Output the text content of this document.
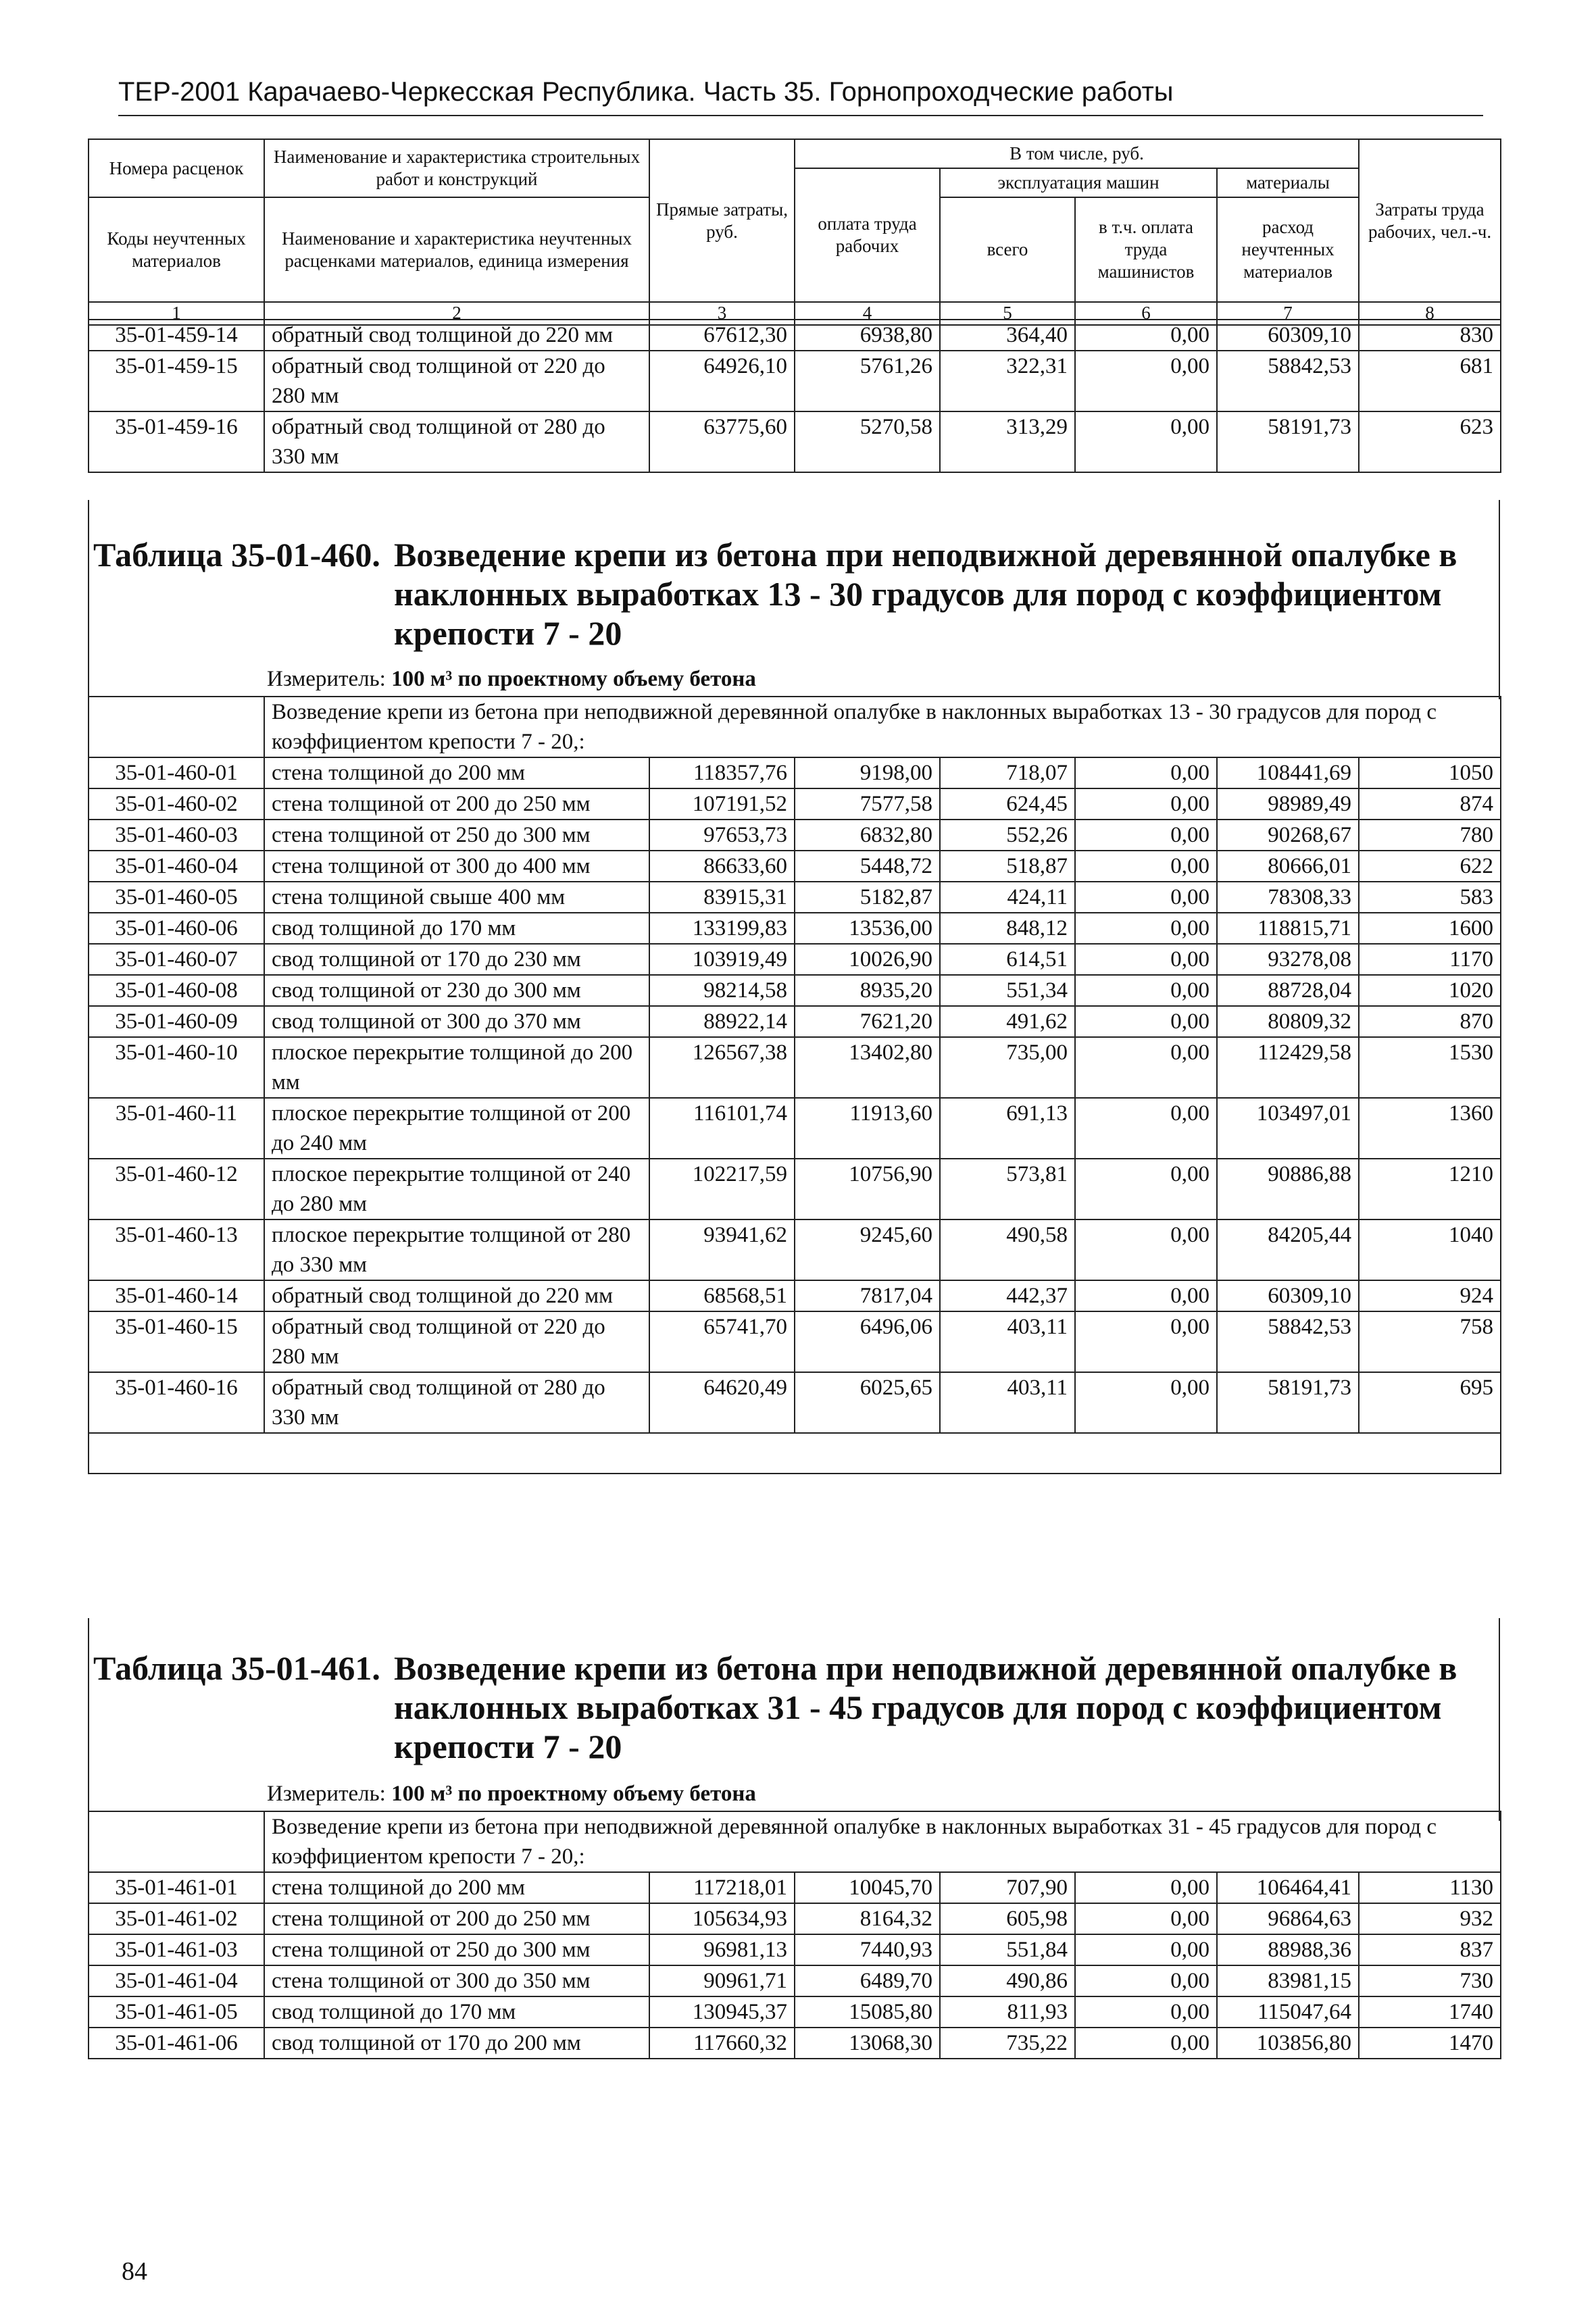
ТЕР-2001 Карачаево-Черкесская Республика. Часть 35. Горнопроходческие работы
Номера расценок	Наименование и характеристика строительных работ и конструкций	Прямые затраты, руб.	В том числе, руб.				Затраты труда рабочих, чел.-ч.
			оплата труда рабочих	эксплуатация машин		материалы	
Коды неучтенных материалов	Наименование и характеристика неучтенных расценками материалов, единица измерения			всего	в т.ч. оплата труда машинистов	расход неучтенных материалов	

1	2	3	4	5	6	7	8
35-01-459-14	обратный свод толщиной до 220 мм	67612,30	6938,80	364,40	0,00	60309,10	830
35-01-459-15	обратный свод толщиной от 220 до 280 мм	64926,10	5761,26	322,31	0,00	58842,53	681
35-01-459-16	обратный свод толщиной от 280 до 330 мм	63775,60	5270,58	313,29	0,00	58191,73	623
Таблица 35-01-460. Возведение крепи из бетона при неподвижной деревянной опалубке в наклонных выработках 13 - 30 градусов для пород с коэффициентом крепости 7 - 20
Измеритель: 100 м³ по проектному объему бетона
	Возведение крепи из бетона при неподвижной деревянной опалубке в наклонных выработках 13 - 30 градусов для пород с коэффициентом крепости 7 - 20,:						
35-01-460-01	стена толщиной до 200 мм	118357,76	9198,00	718,07	0,00	108441,69	1050
35-01-460-02	стена толщиной от 200 до 250 мм	107191,52	7577,58	624,45	0,00	98989,49	874
35-01-460-03	стена толщиной от 250 до 300 мм	97653,73	6832,80	552,26	0,00	90268,67	780
35-01-460-04	стена толщиной от 300 до 400 мм	86633,60	5448,72	518,87	0,00	80666,01	622
35-01-460-05	стена толщиной свыше 400 мм	83915,31	5182,87	424,11	0,00	78308,33	583
35-01-460-06	свод толщиной до 170 мм	133199,83	13536,00	848,12	0,00	118815,71	1600
35-01-460-07	свод толщиной от 170 до 230 мм	103919,49	10026,90	614,51	0,00	93278,08	1170
35-01-460-08	свод толщиной от 230 до 300 мм	98214,58	8935,20	551,34	0,00	88728,04	1020
35-01-460-09	свод толщиной от 300 до 370 мм	88922,14	7621,20	491,62	0,00	80809,32	870
35-01-460-10	плоское перекрытие толщиной до 200 мм	126567,38	13402,80	735,00	0,00	112429,58	1530
35-01-460-11	плоское перекрытие толщиной от 200 до 240 мм	116101,74	11913,60	691,13	0,00	103497,01	1360
35-01-460-12	плоское перекрытие толщиной от 240 до 280 мм	102217,59	10756,90	573,81	0,00	90886,88	1210
35-01-460-13	плоское перекрытие толщиной от 280 до 330 мм	93941,62	9245,60	490,58	0,00	84205,44	1040
35-01-460-14	обратный свод толщиной до 220 мм	68568,51	7817,04	442,37	0,00	60309,10	924
35-01-460-15	обратный свод толщиной от 220 до 280 мм	65741,70	6496,06	403,11	0,00	58842,53	758
35-01-460-16	обратный свод толщиной от 280 до 330 мм	64620,49	6025,65	403,11	0,00	58191,73	695

Таблица 35-01-461. Возведение крепи из бетона при неподвижной деревянной опалубке в наклонных выработках 31 - 45 градусов для пород с коэффициентом крепости 7 - 20
Измеритель: 100 м³ по проектному объему бетона
	Возведение крепи из бетона при неподвижной деревянной опалубке в наклонных выработках 31 - 45 градусов для пород с коэффициентом крепости 7 - 20,:						
35-01-461-01	стена толщиной до 200 мм	117218,01	10045,70	707,90	0,00	106464,41	1130
35-01-461-02	стена толщиной от 200 до 250 мм	105634,93	8164,32	605,98	0,00	96864,63	932
35-01-461-03	стена толщиной от 250 до 300 мм	96981,13	7440,93	551,84	0,00	88988,36	837
35-01-461-04	стена толщиной от 300 до 350 мм	90961,71	6489,70	490,86	0,00	83981,15	730
35-01-461-05	свод толщиной до 170 мм	130945,37	15085,80	811,93	0,00	115047,64	1740
35-01-461-06	свод толщиной от 170 до 200 мм	117660,32	13068,30	735,22	0,00	103856,80	1470
84
